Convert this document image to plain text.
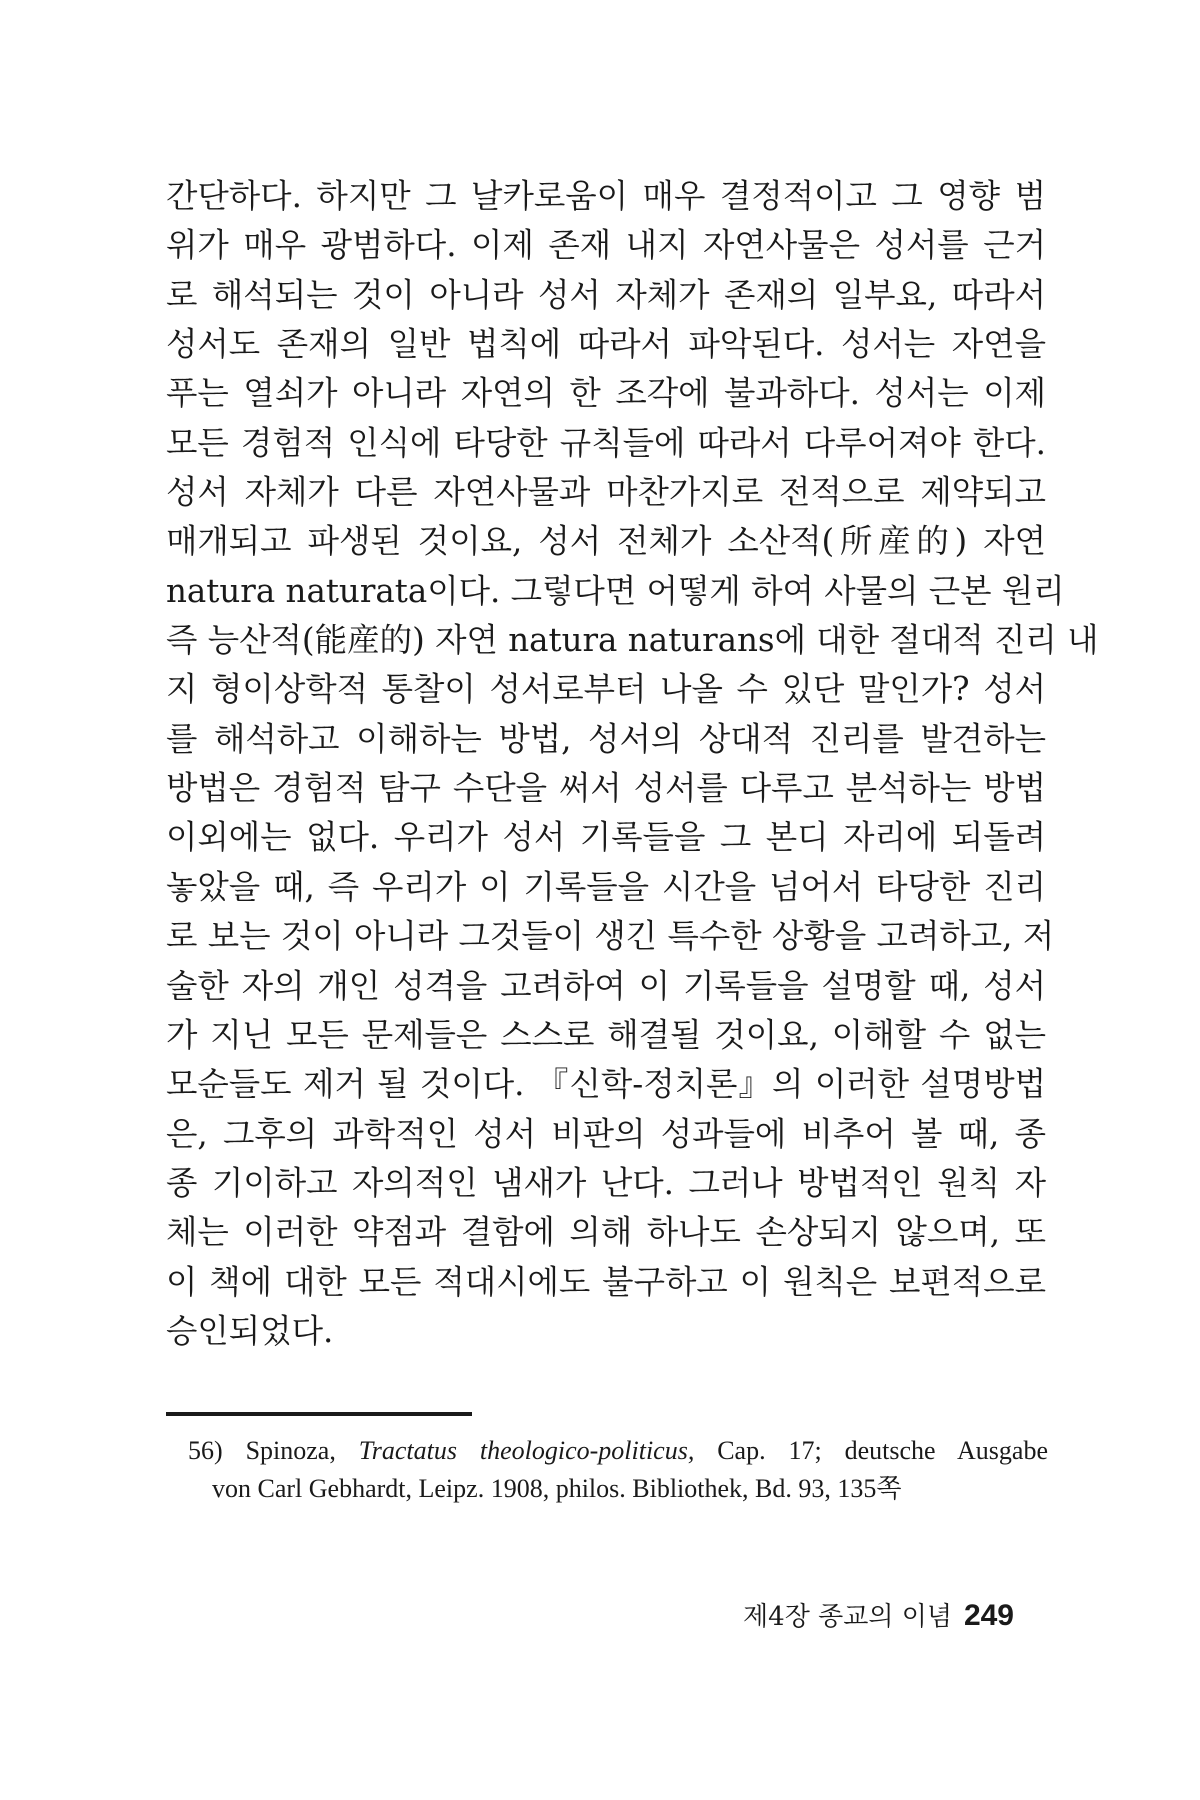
간단하다. 하지만 그 날카로움이 매우 결정적이고 그 영향 범
위가 매우 광범하다. 이제 존재 내지 자연사물은 성서를 근거
로 해석되는 것이 아니라 성서 자체가 존재의 일부요, 따라서
성서도 존재의 일반 법칙에 따라서 파악된다. 성서는 자연을
푸는 열쇠가 아니라 자연의 한 조각에 불과하다. 성서는 이제
모든 경험적 인식에 타당한 규칙들에 따라서 다루어져야 한다.
성서 자체가 다른 자연사물과 마찬가지로 전적으로 제약되고
매개되고 파생된 것이요, 성서 전체가 소산적(所産的) 자연
natura naturata이다. 그렇다면 어떻게 하여 사물의 근본 원리
즉 능산적(能産的) 자연 natura naturans에 대한 절대적 진리 내
지 형이상학적 통찰이 성서로부터 나올 수 있단 말인가? 성서
를 해석하고 이해하는 방법, 성서의 상대적 진리를 발견하는
방법은 경험적 탐구 수단을 써서 성서를 다루고 분석하는 방법
이외에는 없다. 우리가 성서 기록들을 그 본디 자리에 되돌려
놓았을 때, 즉 우리가 이 기록들을 시간을 넘어서 타당한 진리
로 보는 것이 아니라 그것들이 생긴 특수한 상황을 고려하고, 저
술한 자의 개인 성격을 고려하여 이 기록들을 설명할 때, 성서
가 지닌 모든 문제들은 스스로 해결될 것이요, 이해할 수 없는
모순들도 제거 될 것이다. 『신학-정치론』의 이러한 설명방법
은, 그후의 과학적인 성서 비판의 성과들에 비추어 볼 때, 종
종 기이하고 자의적인 냄새가 난다. 그러나 방법적인 원칙 자
체는 이러한 약점과 결함에 의해 하나도 손상되지 않으며, 또
이 책에 대한 모든 적대시에도 불구하고 이 원칙은 보편적으로
승인되었다.
56) Spinoza, Tractatus theologico-politicus, Cap. 17; deutsche Ausgabe
von Carl Gebhardt, Leipz. 1908, philos. Bibliothek, Bd. 93, 135쪽
제4장 종교의 이념 249
